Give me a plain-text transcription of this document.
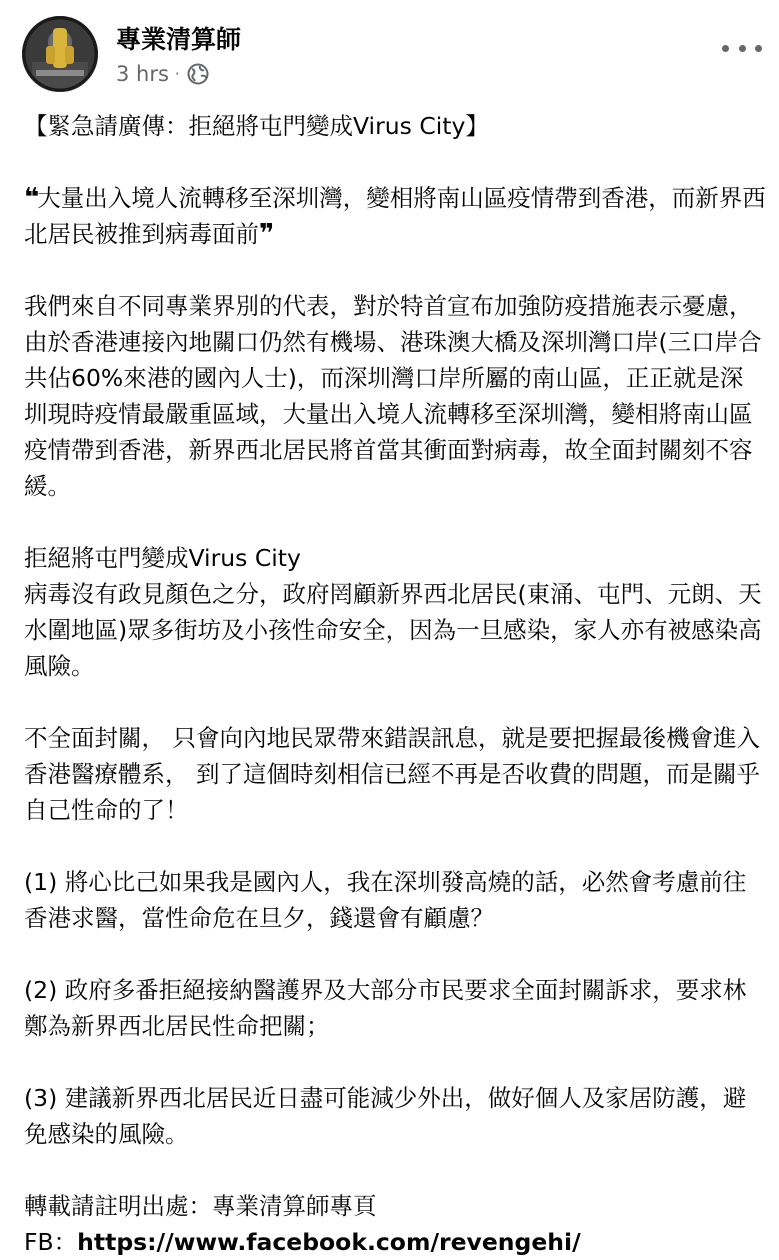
專業清算師
3 hrs ·

【緊急請廣傳：拒絕將屯門變成Virus City】

❝大量出入境人流轉移至深圳灣，變相將南山區疫情帶到香港，而新界西北居民被推到病毒面前❞

我們來自不同專業界別的代表，對於特首宣布加強防疫措施表示憂慮，由於香港連接內地關口仍然有機場、港珠澳大橋及深圳灣口岸(三口岸合共佔60%來港的國內人士)，而深圳灣口岸所屬的南山區，正正就是深圳現時疫情最嚴重區域，大量出入境人流轉移至深圳灣，變相將南山區疫情帶到香港，新界西北居民將首當其衝面對病毒，故全面封關刻不容緩。

拒絕將屯門變成Virus City

病毒沒有政見顏色之分，政府罔顧新界西北居民(東涌、屯門、元朗、天水圍地區)眾多街坊及小孩性命安全，因為一旦感染，家人亦有被感染高風險。

不全面封關， 只會向內地民眾帶來錯誤訊息，就是要把握最後機會進入香港醫療體系， 到了這個時刻相信已經不再是否收費的問題，而是關乎自己性命的了！

(1) 將心比己如果我是國內人，我在深圳發高燒的話，必然會考慮前往香港求醫，當性命危在旦夕，錢還會有顧慮？

(2) 政府多番拒絕接納醫護界及大部分市民要求全面封關訴求，要求林鄭為新界西北居民性命把關；

(3) 建議新界西北居民近日盡可能減少外出，做好個人及家居防護，避免感染的風險。

轉載請註明出處：專業清算師專頁

FB：https://www.facebook.com/revengehi/
